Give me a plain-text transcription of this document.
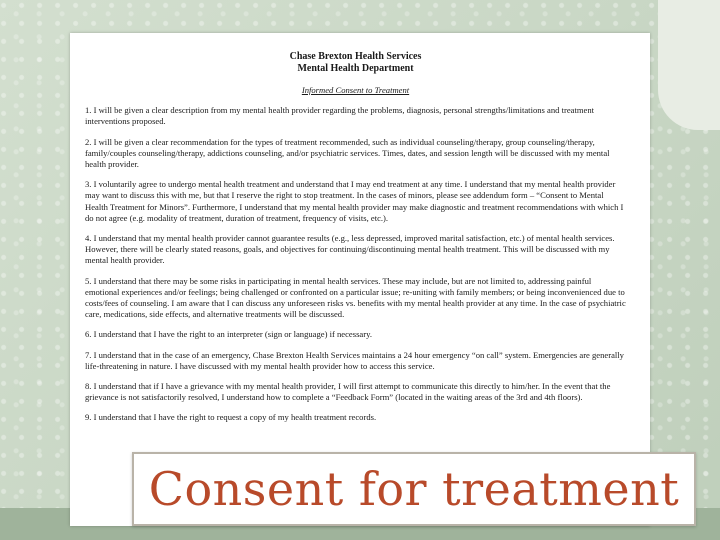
Chase Brexton Health Services
Mental Health Department
Informed Consent to Treatment

1. I will be given a clear description from my mental health provider regarding the problems, diagnosis, personal strengths/limitations and treatment interventions proposed.

2. I will be given a clear recommendation for the types of treatment recommended, such as individual counseling/therapy, group counseling/therapy, family/couples counseling/therapy, addictions counseling, and/or psychiatric services. Times, dates, and session length will be discussed with my mental health provider.

3. I voluntarily agree to undergo mental health treatment and understand that I may end treatment at any time. I understand that my mental health provider may want to discuss this with me, but that I reserve the right to stop treatment. In the cases of minors, please see addendum form – “Consent to Mental Health Treatment for Minors”. Furthermore, I understand that my mental health provider may make diagnostic and treatment recommendations with which I do not agree (e.g. modality of treatment, duration of treatment, frequency of visits, etc.).

4. I understand that my mental health provider cannot guarantee results (e.g., less depressed, improved marital satisfaction, etc.) of mental health services. However, there will be clearly stated reasons, goals, and objectives for continuing/discontinuing mental health treatment. This will be discussed with my mental health provider.

5. I understand that there may be some risks in participating in mental health services. These may include, but are not limited to, addressing painful emotional experiences and/or feelings; being challenged or confronted on a particular issue; re-uniting with family members; or being inconvenienced due to costs/fees of counseling. I am aware that I can discuss any unforeseen risks vs. benefits with my mental health provider at any time. In the case of psychiatric care, medications, side effects, and alternative treatments will be discussed.

6. I understand that I have the right to an interpreter (sign or language) if necessary.

7. I understand that in the case of an emergency, Chase Brexton Health Services maintains a 24 hour emergency “on call” system. Emergencies are generally life-threatening in nature. I have discussed with my mental health provider how to access this service.

8. I understand that if I have a grievance with my mental health provider, I will first attempt to communicate this directly to him/her. In the event that the grievance is not satisfactorily resolved, I understand how to complete a “Feedback Form” (located in the waiting areas of the 3rd and 4th floors).

9. I understand that I have the right to request a copy of my health treatment records.

Consent for treatment
